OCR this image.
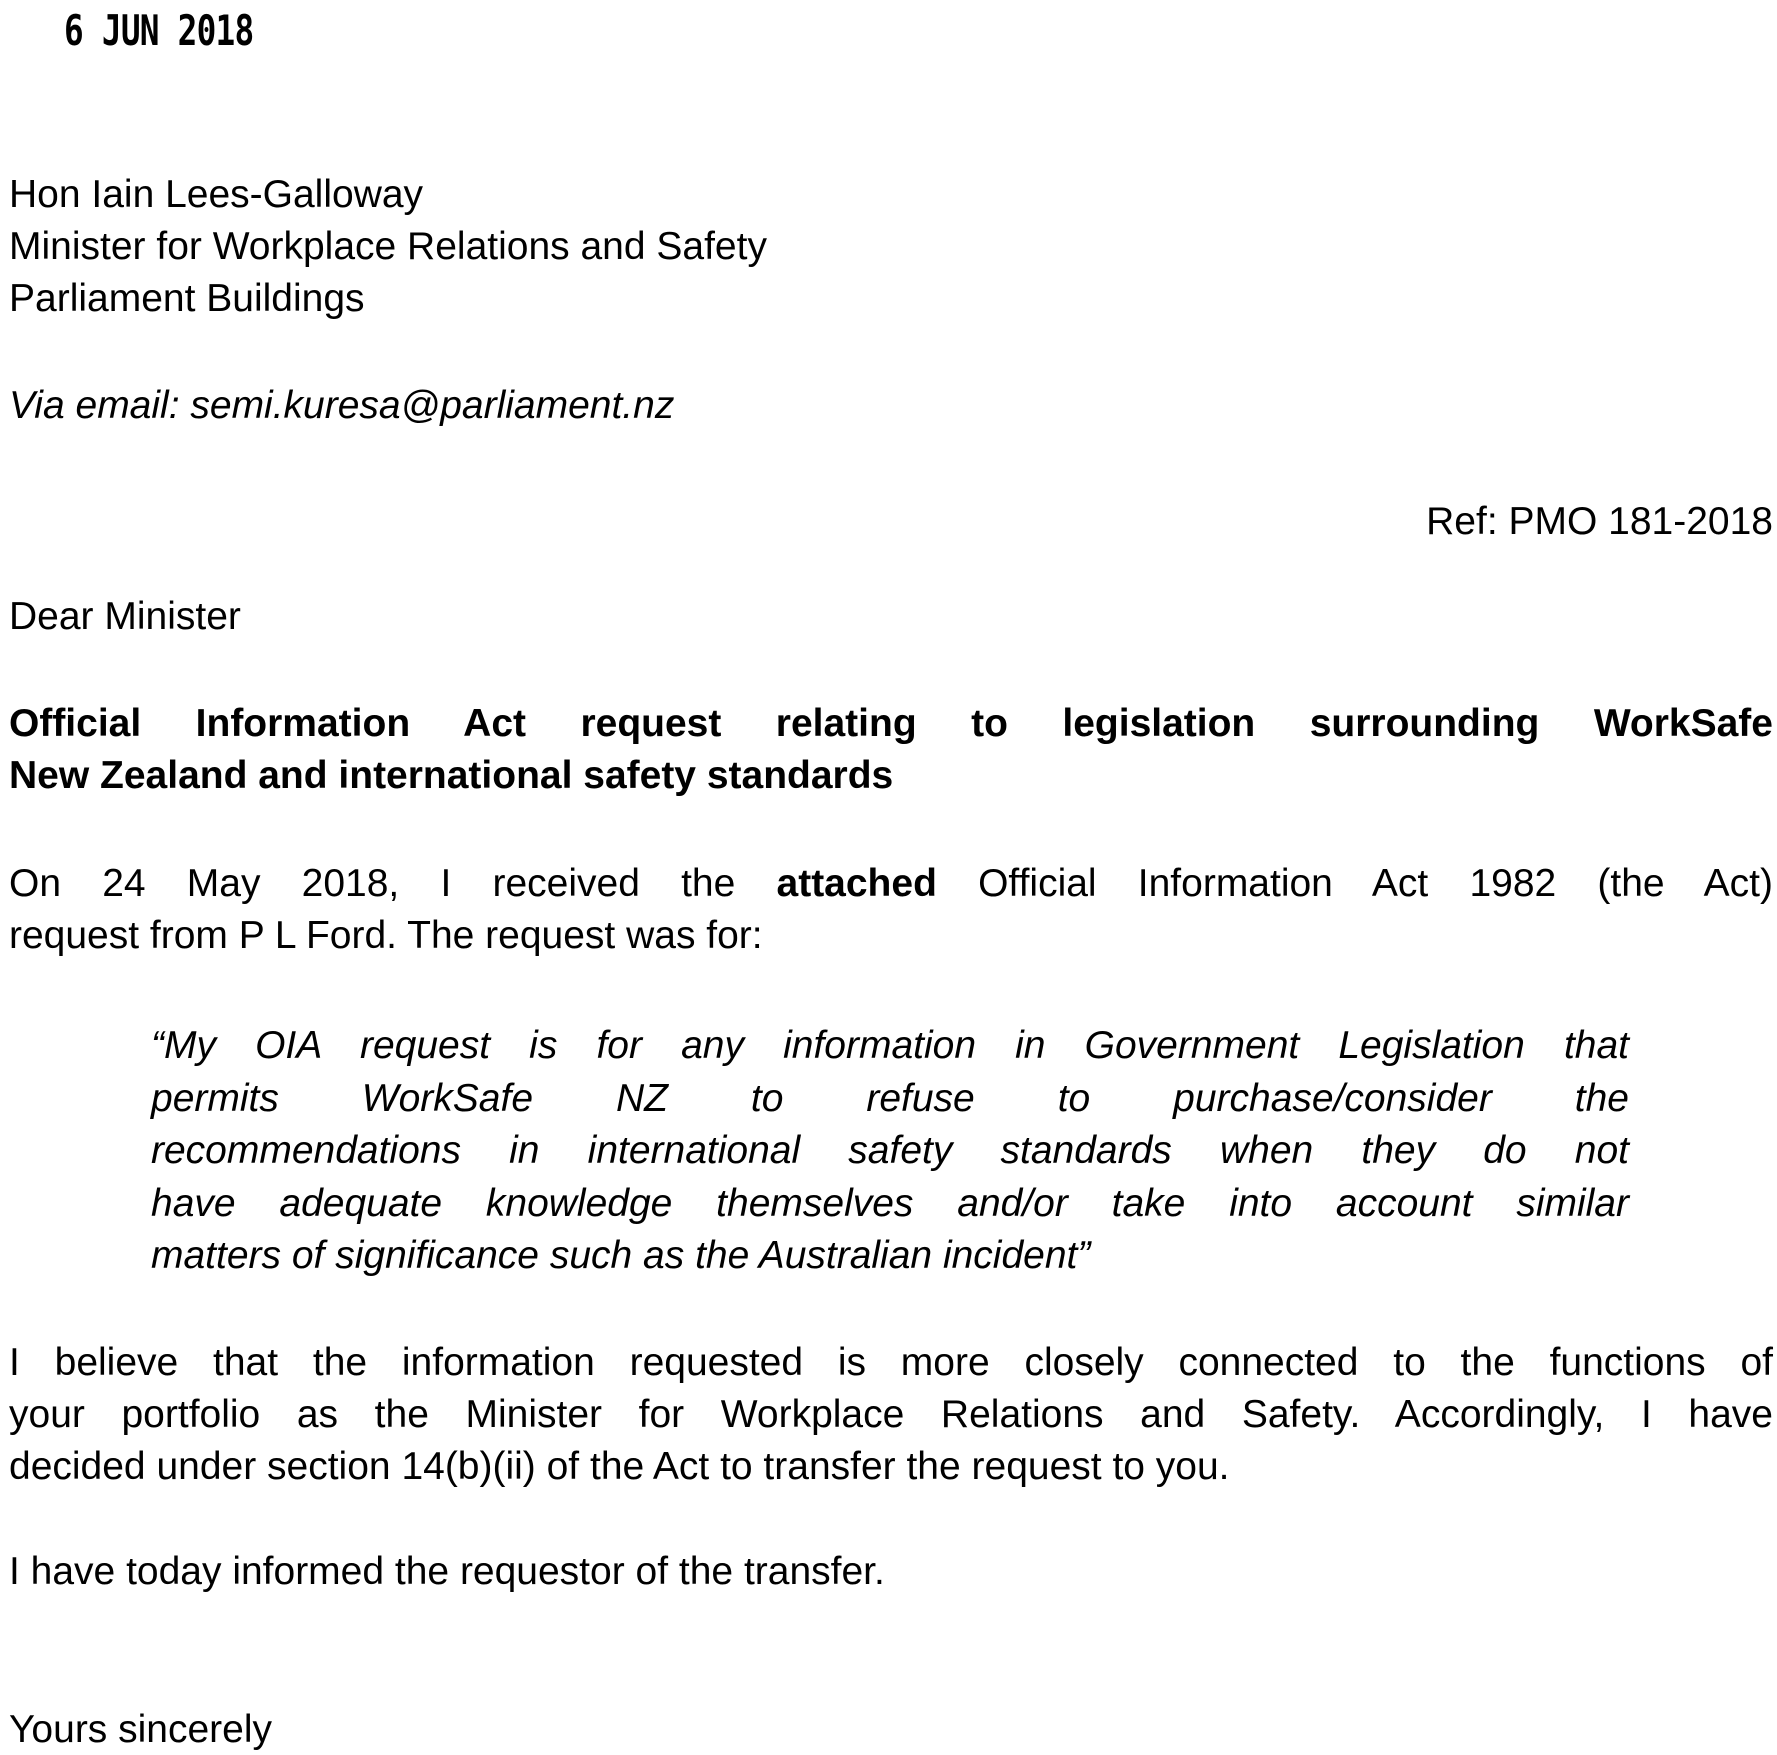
6 JUN 2018
Hon Iain Lees-Galloway
Minister for Workplace Relations and Safety
Parliament Buildings
Via email: semi.kuresa@parliament.nz
Ref: PMO 181-2018
Dear Minister
Official Information Act request relating to legislation surrounding WorkSafe
New Zealand and international safety standards
On 24 May 2018, I received the attached Official Information Act 1982 (the Act)
request from P L Ford. The request was for:
“My OIA request is for any information in Government Legislation that
permits WorkSafe NZ to refuse to purchase/consider the
recommendations in international safety standards when they do not
have adequate knowledge themselves and/or take into account similar
matters of significance such as the Australian incident”
I believe that the information requested is more closely connected to the functions of
your portfolio as the Minister for Workplace Relations and Safety. Accordingly, I have
decided under section 14(b)(ii) of the Act to transfer the request to you.
I have today informed the requestor of the transfer.
Yours sincerely
